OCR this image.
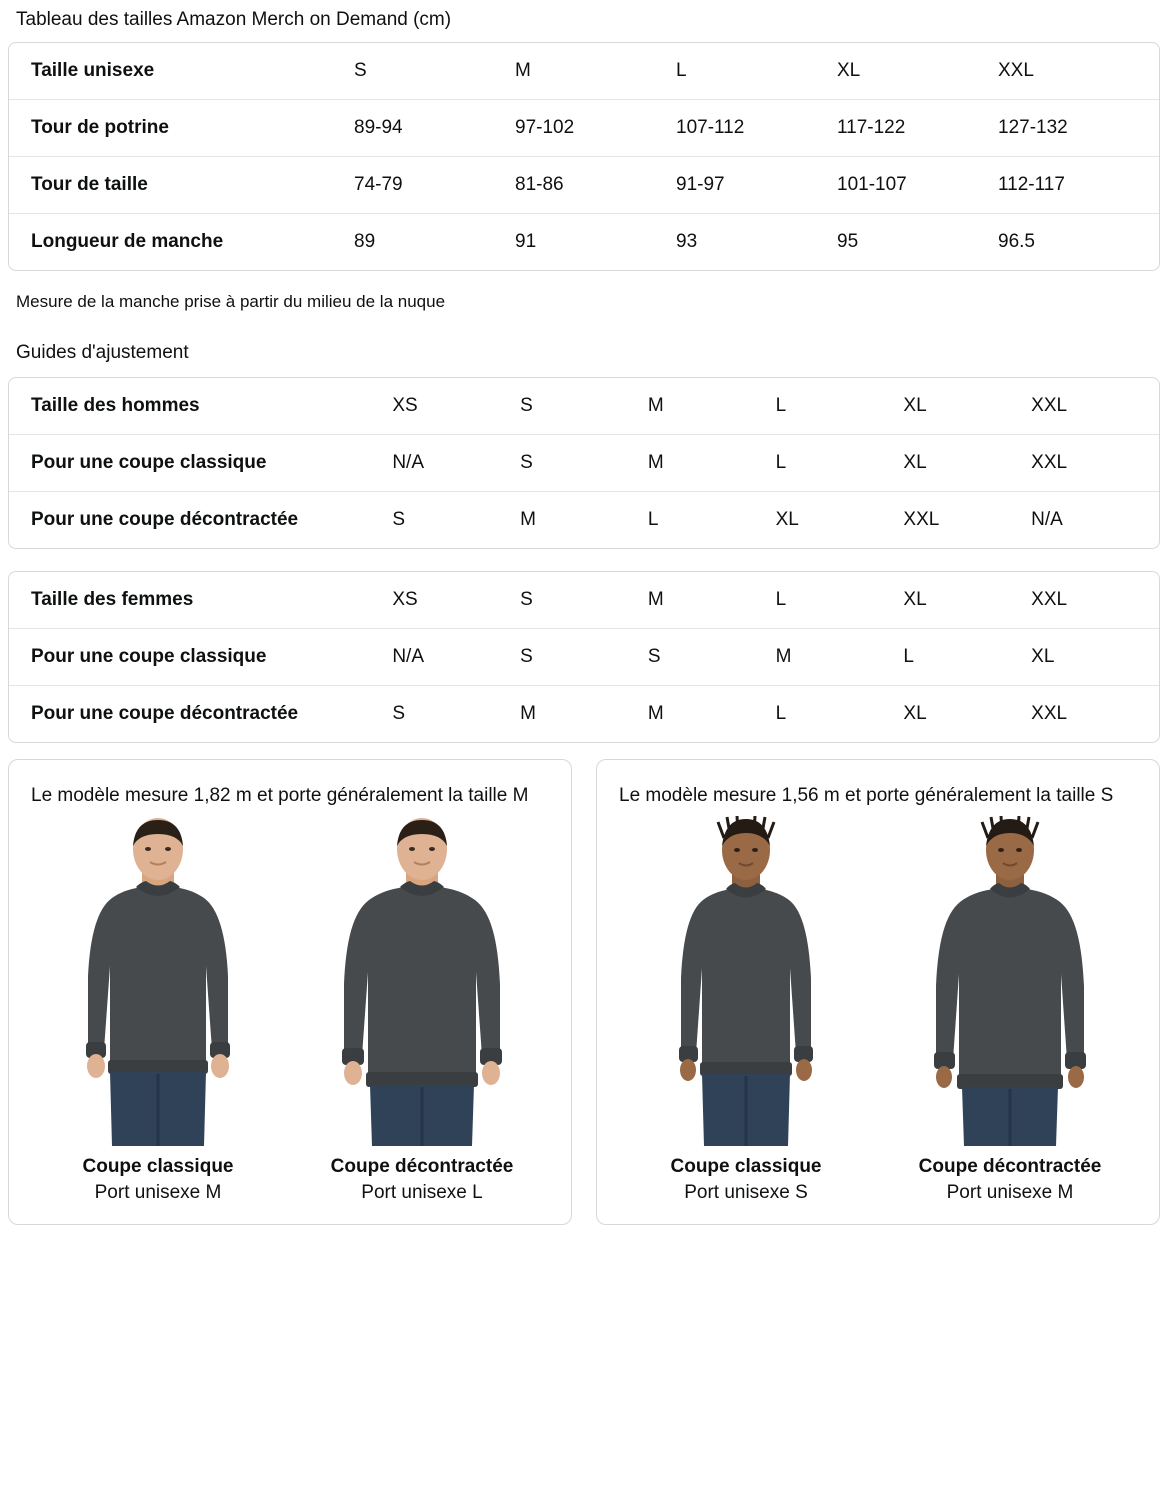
Tableau des tailles Amazon Merch on Demand (cm)
Taille unisexe	S	M	L	XL	XXL
Tour de potrine	89-94	97-102	107-112	117-122	127-132
Tour de taille	74-79	81-86	91-97	101-107	112-117
Longueur de manche	89	91	93	95	96.5
Mesure de la manche prise à partir du milieu de la nuque
Guides d'ajustement
Taille des hommes	XS	S	M	L	XL	XXL
Pour une coupe classique	N/A	S	M	L	XL	XXL
Pour une coupe décontractée	S	M	L	XL	XXL	N/A
Taille des femmes	XS	S	M	L	XL	XXL
Pour une coupe classique	N/A	S	S	M	L	XL
Pour une coupe décontractée	S	M	M	L	XL	XXL
Le modèle mesure 1,82 m et porte généralement la taille M
Coupe classique
Port unisexe M
Coupe décontractée
Port unisexe L
Le modèle mesure 1,56 m et porte généralement la taille S
Coupe classique
Port unisexe S
Coupe décontractée
Port unisexe M
